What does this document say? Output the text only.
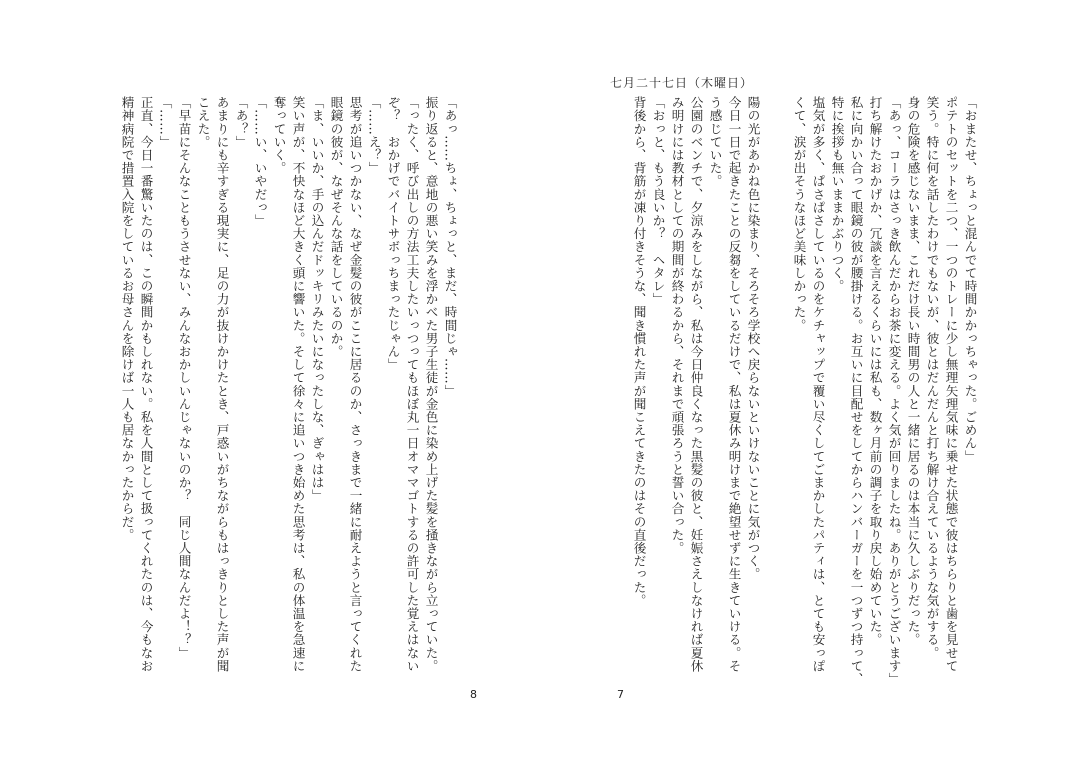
七月二十七日（木曜日）
「おまたせ、ちょっと混んでて時間かかっちゃった。ごめん」
ポテトのセットを二つ、一つのトレーに少し無理矢理気味に乗せた状態で彼はちらりと歯を見せて
笑う。特に何を話したわけでもないが、彼とはだんだんと打ち解け合えているような気がする。
身の危険を感じないまま、これだけ長い時間男の人と一緒に居るのは本当に久しぶりだった。
「あっ、コーラはさっき飲んだからお茶に変える。よく気が回りましたね。ありがとうございます」
打ち解けたおかげか、冗談を言えるくらいには私も、数ヶ月前の調子を取り戻し始めていた。
私に向かい合って眼鏡の彼が腰掛ける。お互いに目配せをしてからハンバーガーを一つずつ持って、
特に挨拶も無いままかぶりつく。
塩気が多く、ぱさぱさしているのをケチャップで覆い尽くしてごまかしたパティは、とても安っぽ
くて、涙が出そうなほど美味しかった。
陽の光があかね色に染まり、そろそろ学校へ戻らないといけないことに気がつく。
今日一日で起きたことの反芻をしているだけで、私は夏休み明けまで絶望せずに生きていける。そ
う感じていた。
公園のベンチで、夕涼みをしながら、私は今日仲良くなった黒髪の彼と、妊娠さえしなければ夏休
み明けには教材としての期間が終わるから、それまで頑張ろうと誓い合った。
「おっと、もう良いか？　ヘタレ」
背後から、背筋が凍り付きそうな、聞き慣れた声が聞こえてきたのはその直後だった。
「あっ……ちょ、ちょっと、まだ、時間じゃ……」
振り返ると、意地の悪い笑みを浮かべた男子生徒が金色に染め上げた髪を掻きながら立っていた。
「ったく、呼び出しの方法工夫したいっつってもほぼ丸一日オママゴトするの許可した覚えはない
ぞ？　おかげでバイトサボっちまったじゃん」
「……え？」
思考が追いつかない、なぜ金髪の彼がここに居るのか、さっきまで一緒に耐えようと言ってくれた
眼鏡の彼が、なぜそんな話をしているのか。
「ま、いいか、手の込んだドッキリみたいになったしな、ぎゃはは」
笑い声が、不快なほど大きく頭に響いた。そして徐々に追いつき始めた思考は、私の体温を急速に
奪っていく。
「……い、いやだっ」
「あ？」
あまりにも辛すぎる現実に、足の力が抜けかけたとき、戸惑いがちながらもはっきりとした声が聞
こえた。
「早苗にそんなこともうさせない、みんなおかしいんじゃないのか？　同じ人間なんだよ！？」
「……」
正直、今日一番驚いたのは、この瞬間かもしれない。私を人間として扱ってくれたのは、今もなお
精神病院で措置入院をしているお母さんを除けば一人も居なかったからだ。
8	7
